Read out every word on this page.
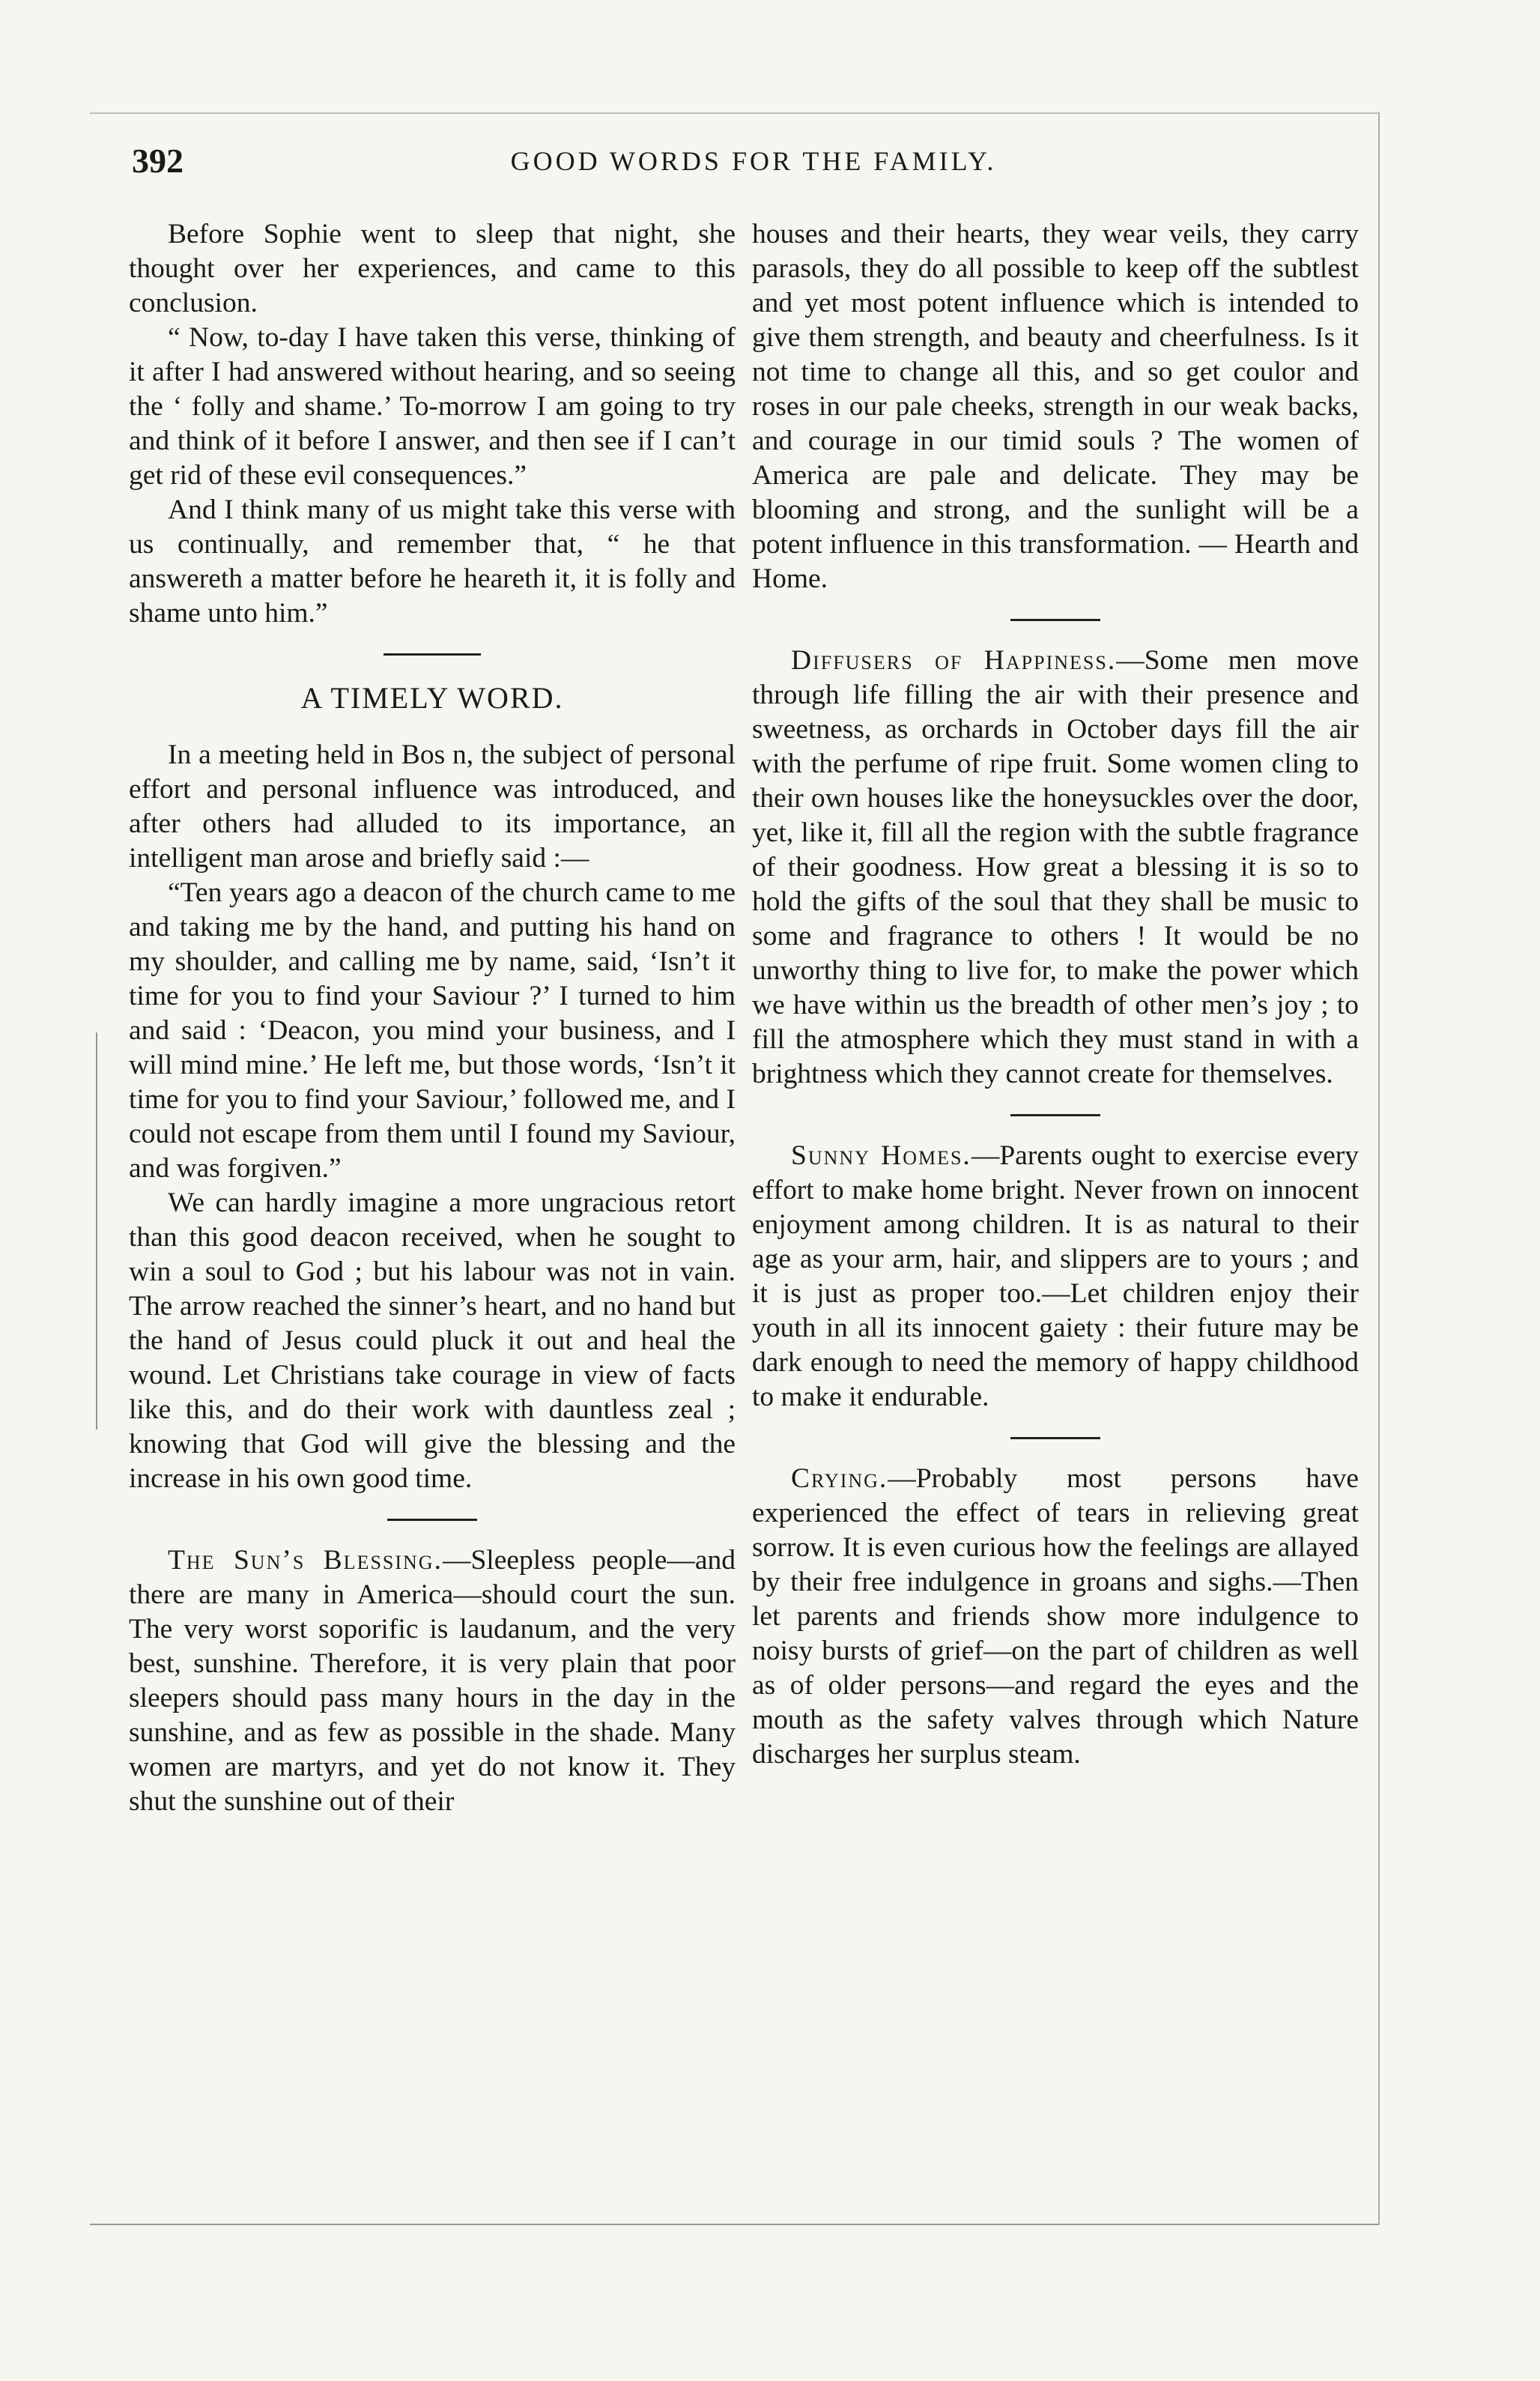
392	GOOD WORDS FOR THE FAMILY.

Before Sophie went to sleep that night, she thought over her experiences, and came to this conclusion.

“ Now, to-day I have taken this verse, thinking of it after I had answered without hearing, and so seeing the ‘ folly and shame.’ To-morrow I am going to try and think of it before I answer, and then see if I can’t get rid of these evil consequences.”

And I think many of us might take this verse with us continually, and remember that, “ he that answereth a matter before he heareth it, it is folly and shame unto him.”

A TIMELY WORD.

In a meeting held in Bos n, the subject of personal effort and personal influence was introduced, and after others had alluded to its importance, an intelligent man arose and briefly said :—

“Ten years ago a deacon of the church came to me and taking me by the hand, and putting his hand on my shoulder, and calling me by name, said, ‘Isn’t it time for you to find your Saviour ?’ I turned to him and said : ‘Deacon, you mind your business, and I will mind mine.’ He left me, but those words, ‘Isn’t it time for you to find your Saviour,’ followed me, and I could not escape from them until I found my Saviour, and was forgiven.”

We can hardly imagine a more ungracious retort than this good deacon received, when he sought to win a soul to God ; but his labour was not in vain. The arrow reached the sinner’s heart, and no hand but the hand of Jesus could pluck it out and heal the wound. Let Christians take courage in view of facts like this, and do their work with dauntless zeal ; knowing that God will give the blessing and the increase in his own good time.

The Sun’s Blessing.—Sleepless people—and there are many in America—should court the sun. The very worst soporific is laudanum, and the very best, sunshine. Therefore, it is very plain that poor sleepers should pass many hours in the day in the sunshine, and as few as possible in the shade. Many women are martyrs, and yet do not know it. They shut the sunshine out of their

houses and their hearts, they wear veils, they carry parasols, they do all possible to keep off the subtlest and yet most potent influence which is intended to give them strength, and beauty and cheerfulness. Is it not time to change all this, and so get coulor and roses in our pale cheeks, strength in our weak backs, and courage in our timid souls ? The women of America are pale and delicate. They may be blooming and strong, and the sunlight will be a potent influence in this transformation. — Hearth and Home.

Diffusers of Happiness.—Some men move through life filling the air with their presence and sweetness, as orchards in October days fill the air with the perfume of ripe fruit. Some women cling to their own houses like the honeysuckles over the door, yet, like it, fill all the region with the subtle fragrance of their goodness. How great a blessing it is so to hold the gifts of the soul that they shall be music to some and fragrance to others ! It would be no unworthy thing to live for, to make the power which we have within us the breadth of other men’s joy ; to fill the atmosphere which they must stand in with a brightness which they cannot create for themselves.

Sunny Homes.—Parents ought to exercise every effort to make home bright. Never frown on innocent enjoyment among children. It is as natural to their age as your arm, hair, and slippers are to yours ; and it is just as proper too.—Let children enjoy their youth in all its innocent gaiety : their future may be dark enough to need the memory of happy childhood to make it endurable.

Crying.—Probably most persons have experienced the effect of tears in relieving great sorrow. It is even curious how the feelings are allayed by their free indulgence in groans and sighs.—Then let parents and friends show more indulgence to noisy bursts of grief—on the part of children as well as of older persons—and regard the eyes and the mouth as the safety valves through which Nature discharges her surplus steam.
